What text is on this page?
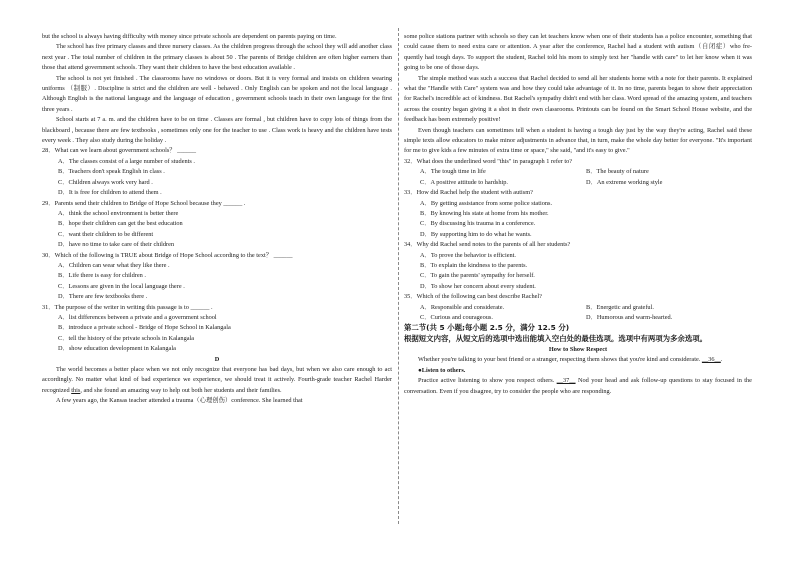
but the school is always having difficulty with money since private schools are dependent on parents paying on time.

The school has five primary classes and three nursery classes. As the children progress through the school they will add another class next year . The total number of children in the primary classes is about 50 . The parents of Bridge children are often higher earners than those that attend government schools. They want their children to have the best education available .

The school is not yet finished . The classrooms have no windows or doors. But it is very formal and insists on children wearing uniforms （制服）. Discipline is strict and the children are well - behaved . Only English can be spoken and not the local language . Although English is the national language and the language of education , government schools teach in their own language for the first three years .

School starts at 7 a. m. and the children have to be on time . Classes are formal , but children have to copy lots of things from the blackboard , because there are few textbooks , sometimes only one for the teacher to use . Class work is heavy and the children have tests every week . They also study during the holiday .

28．What can we learn about government schools？ ______

A．The classes consist of a large number of students .

B．Teachers don't speak English in class .

C．Children always work very hard .

D．It is free for children to attend them .

29．Parents send their children to Bridge of Hope School because they ______ .

A．think the school environment is better there

B．hope their children can get the best education

C．want their children to be different

D．have no time to take care of their children

30．Which of the following is TRUE about Bridge of Hope School according to the text？ ______

A．Children can wear what they like there .

B．Life there is easy for children .

C．Lessons are given in the local language there .

D．There are few textbooks there .

31．The purpose of the writer in writing this passage is to ______ .

A．list differences between a private and a government school

B．introduce a private school - Bridge of Hope School in Kalangala

C．tell the history of the private schools in Kalangala

D．show education development in Kalangala

D

The world becomes a better place when we not only recognize that everyone has bad days, but when we also care enough to act accordingly. No matter what kind of bad experience we experience, we should treat it actively. Fourth-grade teacher Rachel Harder recognized this, and she found an amazing way to help out both her students and their families.

A few years ago, the Kansas teacher attended a trauma（心理创伤）conference. She learned that

some police stations partner with schools so they can let teachers know when one of their students has a police encounter, something that could cause them to need extra care or attention. A year after the conference, Rachel had a student with autism（自闭症）who fre-quently had tough days. To support the student, Rachel told his mom to simply text her "handle with care" to let her know when it was going to be one of those days.

The simple method was such a success that Rachel decided to send all her students home with a note for their parents. It explained what the "Handle with Care" system was and how they could take advantage of it. In no time, parents began to show their appreciation for Rachel's incredible act of kindness. But Rachel's sympathy didn't end with her class. Word spread of the amazing system, and teachers across the country began giving it a shot in their own classrooms. Printouts can be found on the Smart School House website, and the feedback has been extremely positive!

Even though teachers can sometimes tell when a student is having a tough day just by the way they're acting, Rachel said these simple texts allow educators to make minor adjustments in advance that, in turn, make the whole day better for everyone. "It's important for me to give kids a few minutes of extra time or space," she said, "and it's easy to give."

32．What does the underlined word "this" in paragraph 1 refer to?

A．The tough time in life	B．The beauty of nature
C．A positive attitude to hardship.	D．An extreme working style

33．How did Rachel help the student with autism?

A．By getting assistance from some police stations.

B．By knowing his state at home from his mother.

C．By discussing his trauma in a conference.

D．By supporting him to do what he wants.

34．Why did Rachel send notes to the parents of all her students?

A．To prove the behavior is efficient.

B．To explain the kindness to the parents.

C．To gain the parents' sympathy for herself.

D．To show her concern about every student.

35．Which of the following can best describe Rachel?

A．Responsible and considerate.	B．Energetic and grateful.
C．Curious and courageous.	D．Humorous and warm-hearted.

第二节(共 5 小题;每小题 2.5 分，满分 12.5 分)

根据短文内容，从短文后的选项中选出能填入空白处的最佳选项。选项中有两项为多余选项。

How to Show Respect

Whether you're talking to your best friend or a stranger, respecting them shows that you're kind and considerate. __36__.

●Listen to others.

Practice active listening to show you respect others. __37__ Nod your head and ask follow-up questions to stay focused in the conversation. Even if you disagree, try to consider the people who are responding.
